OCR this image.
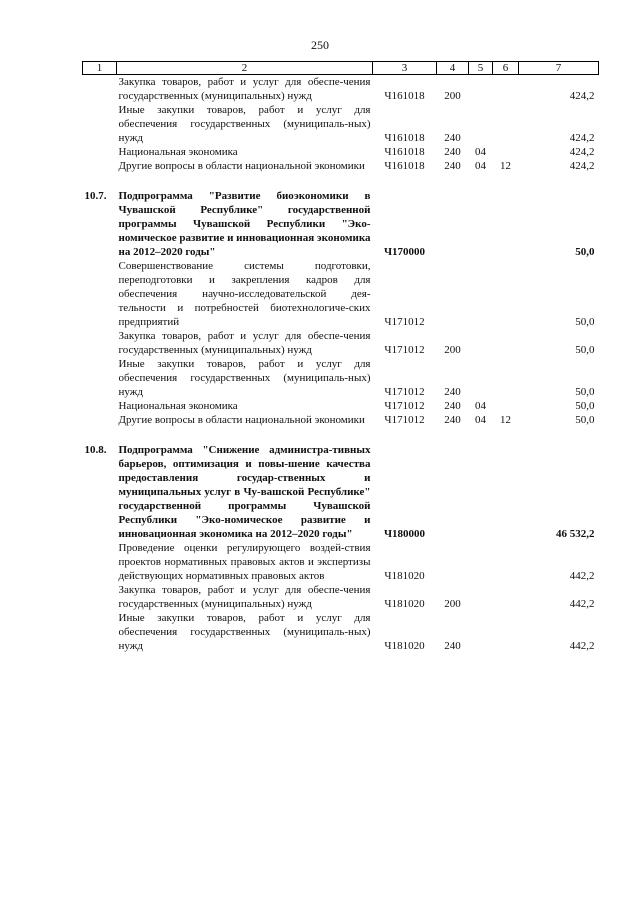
250
1	2	3	4	5	6	7
	Закупка товаров, работ и услуг для обеспе-чения государственных (муниципальных) нужд	Ч161018	200			424,2
	Иные закупки товаров, работ и услуг для обеспечения государственных (муниципаль-ных) нужд	Ч161018	240			424,2
	Национальная экономика	Ч161018	240	04		424,2
	Другие вопросы в области национальной экономики	Ч161018	240	04	12	424,2

10.7.	Подпрограмма "Развитие биоэкономики в Чувашской Республике" государственной программы Чувашской Республики "Эко-номическое развитие и инновационная экономика на 2012–2020 годы"	Ч170000				50,0
	Совершенствование системы подготовки, переподготовки и закрепления кадров для обеспечения научно-исследовательской дея-тельности и потребностей биотехнологиче-ских предприятий	Ч171012				50,0
	Закупка товаров, работ и услуг для обеспе-чения государственных (муниципальных) нужд	Ч171012	200			50,0
	Иные закупки товаров, работ и услуг для обеспечения государственных (муниципаль-ных) нужд	Ч171012	240			50,0
	Национальная экономика	Ч171012	240	04		50,0
	Другие вопросы в области национальной экономики	Ч171012	240	04	12	50,0

10.8.	Подпрограмма "Снижение администра-тивных барьеров, оптимизация и повы-шение качества предоставления государ-ственных и муниципальных услуг в Чу-вашской Республике" государственной программы Чувашской Республики "Эко-номическое развитие и инновационная экономика на 2012–2020 годы"	Ч180000				46 532,2
	Проведение оценки регулирующего воздей-ствия проектов нормативных правовых актов и экспертизы действующих нормативных правовых актов	Ч181020				442,2
	Закупка товаров, работ и услуг для обеспе-чения государственных (муниципальных) нужд	Ч181020	200			442,2
	Иные закупки товаров, работ и услуг для обеспечения государственных (муниципаль-ных) нужд	Ч181020	240			442,2
